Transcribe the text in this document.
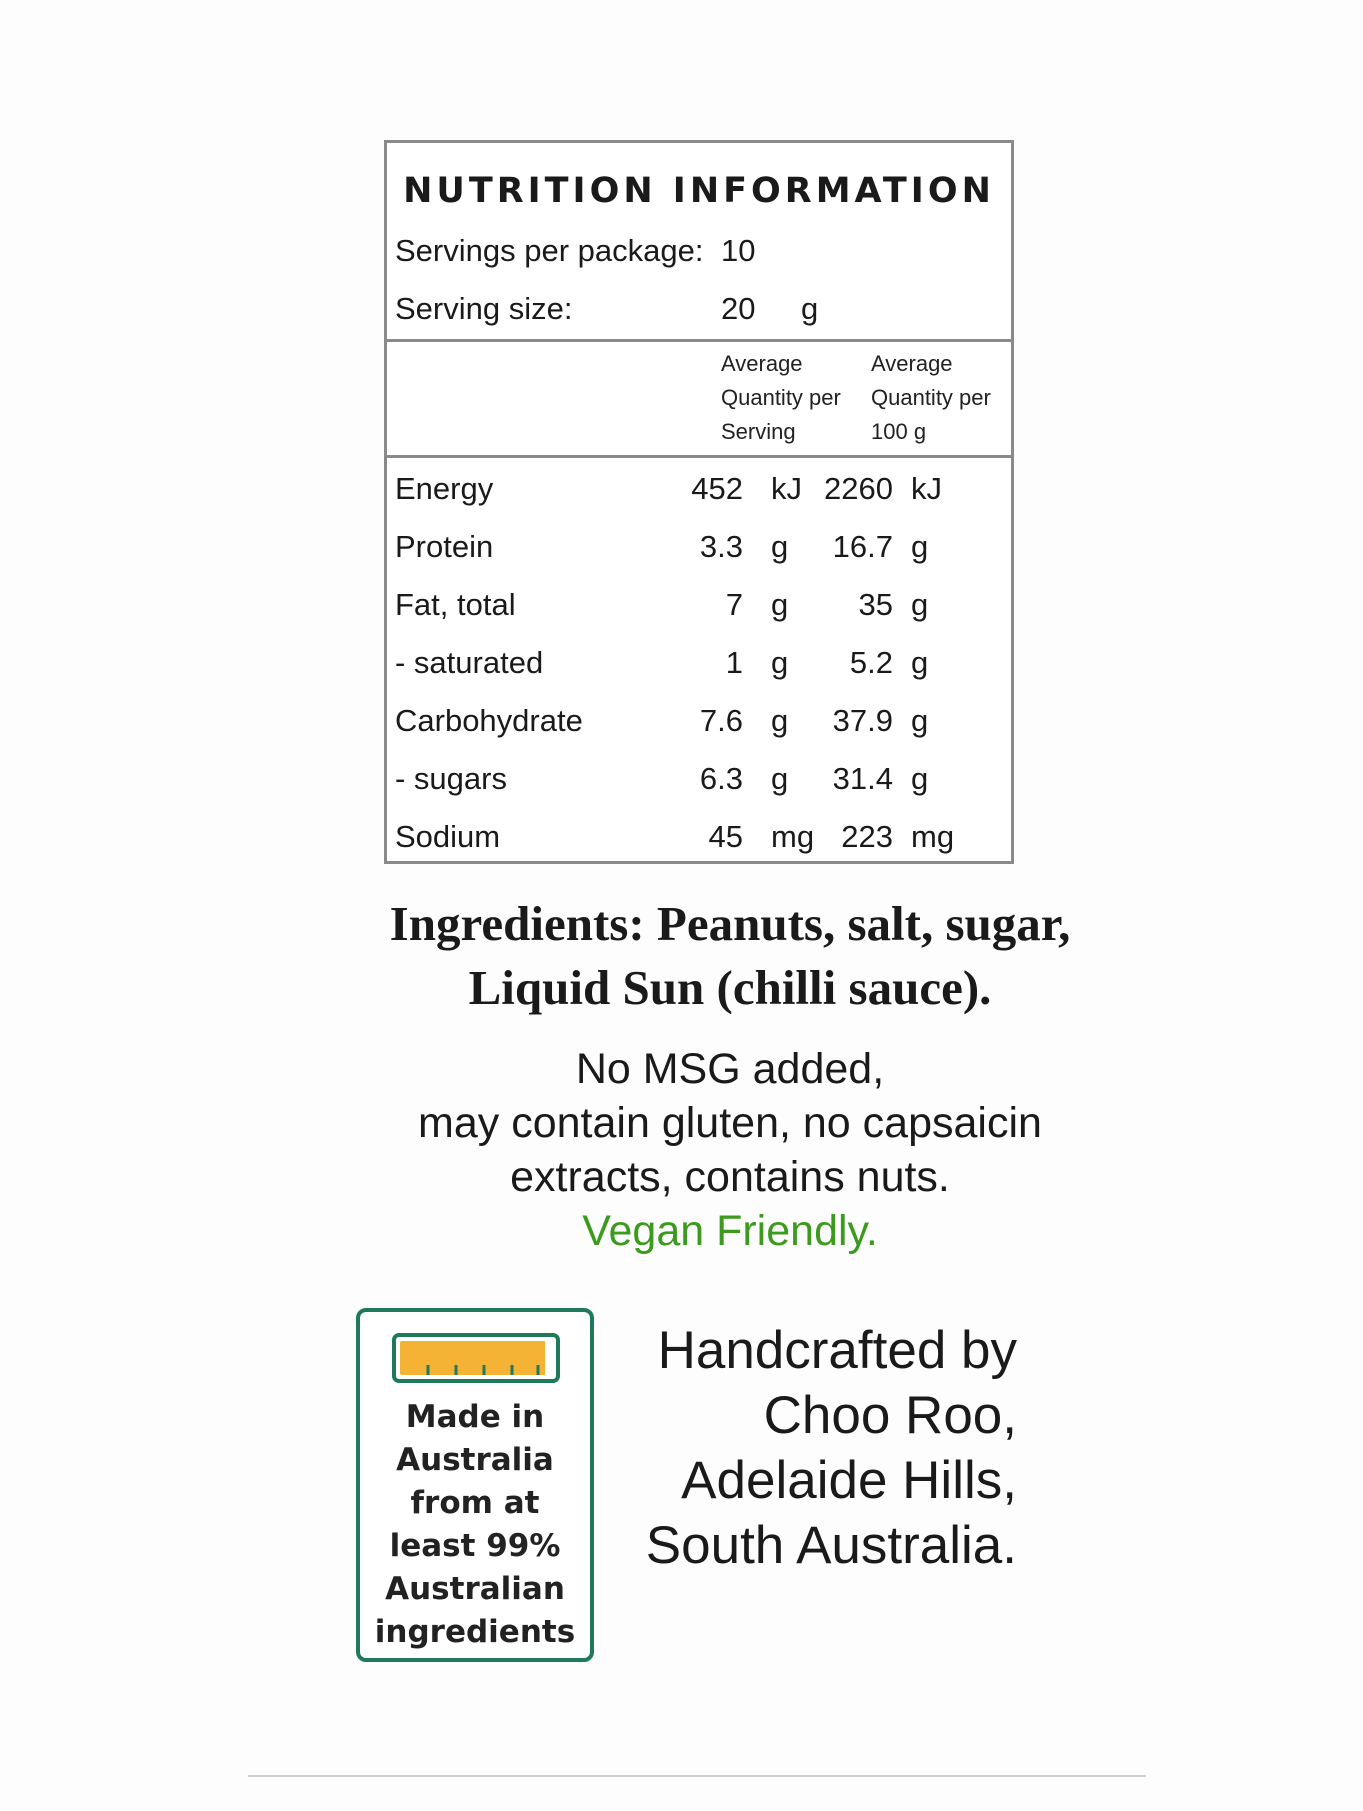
NUTRITION INFORMATION
Servings per package: 10
Serving size:	20 g
Average Quantity per Serving
Average Quantity per 100 g
Energy	452 kJ 2260 kJ
Protein	3.3 g 16.7 g
Fat, total	7 g 35 g
- saturated	1 g 5.2 g
Carbohydrate	7.6 g 37.9 g
- sugars	6.3 g 31.4 g
Sodium	45 mg 223 mg
Ingredients: Peanuts, salt, sugar,
Liquid Sun (chilli sauce).
No MSG added,
may contain gluten, no capsaicin
extracts, contains nuts.
Vegan Friendly.
Made in
Australia
from at
least 99%
Australian
ingredients
Handcrafted by
Choo Roo,
Adelaide Hills,
South Australia.
